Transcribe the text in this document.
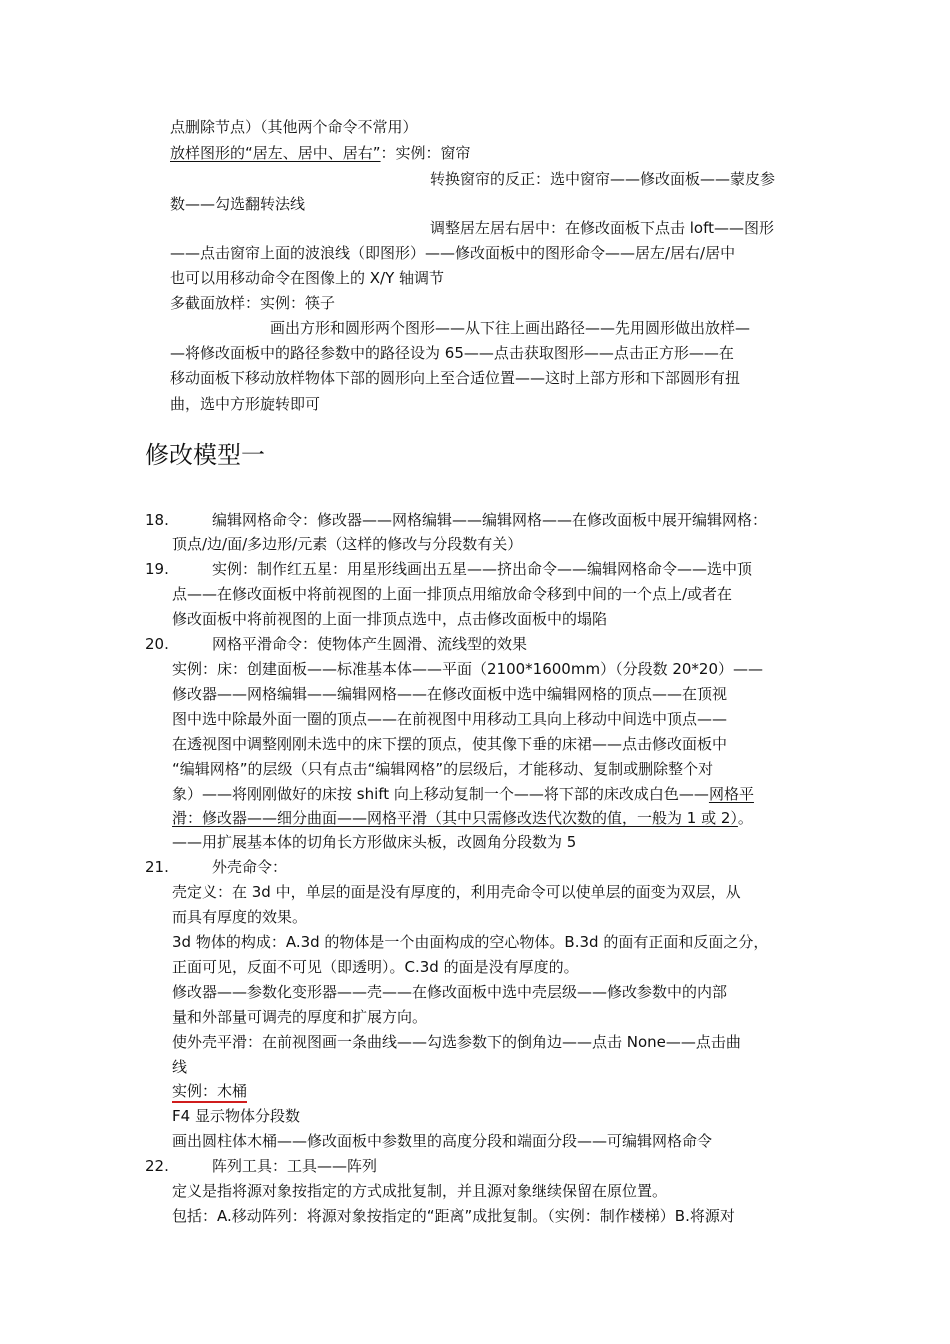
点删除节点）（其他两个命令不常用）
放样图形的“居左、居中、居右”：实例：窗帘
转换窗帘的反正：选中窗帘——修改面板——蒙皮参
数——勾选翻转法线
调整居左居右居中：在修改面板下点击 loft——图形
——点击窗帘上面的波浪线（即图形）——修改面板中的图形命令——居左/居右/居中
也可以用移动命令在图像上的 X/Y 轴调节
多截面放样：实例：筷子
画出方形和圆形两个图形——从下往上画出路径——先用圆形做出放样—
—将修改面板中的路径参数中的路径设为 65——点击获取图形——点击正方形——在
移动面板下移动放样物体下部的圆形向上至合适位置——这时上部方形和下部圆形有扭
曲，选中方形旋转即可
修改模型一
18.	编辑网格命令：修改器——网格编辑——编辑网格——在修改面板中展开编辑网格：
顶点/边/面/多边形/元素（这样的修改与分段数有关）
19.	实例：制作红五星：用星形线画出五星——挤出命令——编辑网格命令——选中顶
点——在修改面板中将前视图的上面一排顶点用缩放命令移到中间的一个点上/或者在
修改面板中将前视图的上面一排顶点选中，点击修改面板中的塌陷
20.	网格平滑命令：使物体产生圆滑、流线型的效果
实例：床：创建面板——标准基本体——平面（2100*1600mm）（分段数 20*20）——
修改器——网格编辑——编辑网格——在修改面板中选中编辑网格的顶点——在顶视
图中选中除最外面一圈的顶点——在前视图中用移动工具向上移动中间选中顶点——
在透视图中调整刚刚未选中的床下摆的顶点，使其像下垂的床裙——点击修改面板中
“编辑网格”的层级（只有点击“编辑网格”的层级后，才能移动、复制或删除整个对
象）——将刚刚做好的床按 shift 向上移动复制一个——将下部的床改成白色——网格平
滑：修改器——细分曲面——网格平滑（其中只需修改迭代次数的值，一般为 1 或 2）。
——用扩展基本体的切角长方形做床头板，改圆角分段数为 5
21.	外壳命令：
壳定义：在 3d 中，单层的面是没有厚度的，利用壳命令可以使单层的面变为双层，从
而具有厚度的效果。
3d 物体的构成：A.3d 的物体是一个由面构成的空心物体。B.3d 的面有正面和反面之分，
正面可见，反面不可见（即透明）。C.3d 的面是没有厚度的。
修改器——参数化变形器——壳——在修改面板中选中壳层级——修改参数中的内部
量和外部量可调壳的厚度和扩展方向。
使外壳平滑：在前视图画一条曲线——勾选参数下的倒角边——点击 None——点击曲
线
实例：木桶
F4 显示物体分段数
画出圆柱体木桶——修改面板中参数里的高度分段和端面分段——可编辑网格命令
22.	阵列工具：工具——阵列
定义是指将源对象按指定的方式成批复制，并且源对象继续保留在原位置。
包括：A.移动阵列：将源对象按指定的“距离”成批复制。（实例：制作楼梯）B.将源对
